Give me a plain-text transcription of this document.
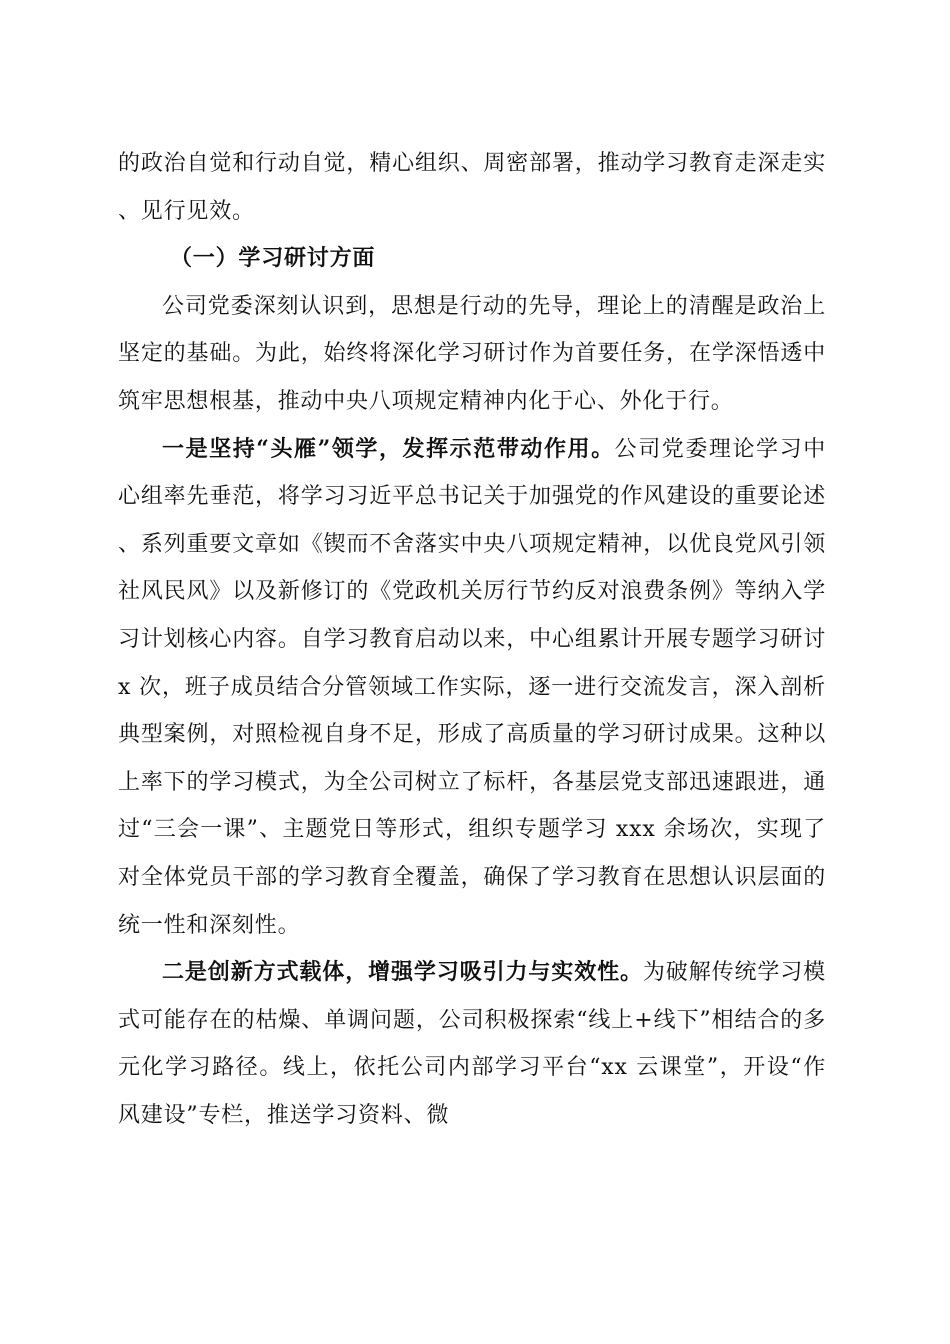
的政治自觉和行动自觉，精心组织、周密部署，推动学习教育走深走实、见行见效。

（一）学习研讨方面

公司党委深刻认识到，思想是行动的先导，理论上的清醒是政治上坚定的基础。为此，始终将深化学习研讨作为首要任务，在学深悟透中筑牢思想根基，推动中央八项规定精神内化于心、外化于行。

一是坚持“头雁”领学，发挥示范带动作用。公司党委理论学习中心组率先垂范，将学习习近平总书记关于加强党的作风建设的重要论述、系列重要文章如《锲而不舍落实中央八项规定精神，以优良党风引领社风民风》以及新修订的《党政机关厉行节约反对浪费条例》等纳入学习计划核心内容。自学习教育启动以来，中心组累计开展专题学习研讨 x 次，班子成员结合分管领域工作实际，逐一进行交流发言，深入剖析典型案例，对照检视自身不足，形成了高质量的学习研讨成果。这种以上率下的学习模式，为全公司树立了标杆，各基层党支部迅速跟进，通过“三会一课”、主题党日等形式，组织专题学习 xxx 余场次，实现了对全体党员干部的学习教育全覆盖，确保了学习教育在思想认识层面的统一性和深刻性。

二是创新方式载体，增强学习吸引力与实效性。为破解传统学习模式可能存在的枯燥、单调问题，公司积极探索“线上+线下”相结合的多元化学习路径。线上，依托公司内部学习平台“xx 云课堂”，开设“作风建设”专栏，推送学习资料、微
